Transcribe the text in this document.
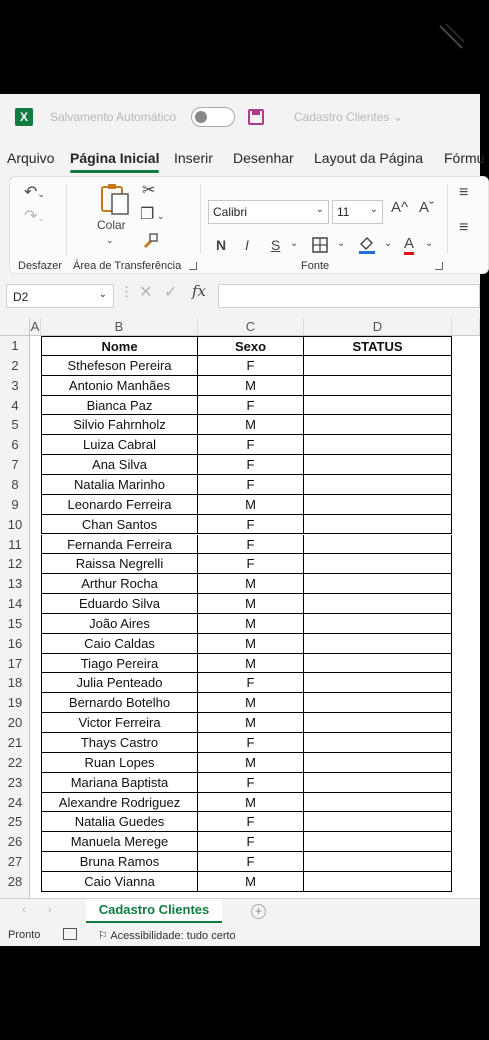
X	Salvamento Automático	Cadastro Clientes ⌄
Arquivo Página Inicial Inserir Desenhar Layout da Página Fórmu
↶⌄
↷⌄
Desfazer
Colar
⌄
✂
❐ ⌄
Área de Transferência
Calibri	⌄	11 ⌄ A^ Aˇ
N I S ⌄	⌄	⌄ A ⌄
Fonte
≡
≡
D2	⌄ ⋮ ✕ ✓ fx
A	B	C	D
1	Nome	Sexo	STATUS
2	Sthefeson Pereira	F
3	Antonio Manhães	M
4	Bianca Paz	F
5	Silvio Fahrnholz	M
6	Luiza Cabral	F
7	Ana Silva	F
8	Natalia Marinho	F
9	Leonardo Ferreira	M
10	Chan Santos	F
11	Fernanda Ferreira	F
12	Raissa Negrelli	F
13	Arthur Rocha	M
14	Eduardo Silva	M
15	João Aires	M
16	Caio Caldas	M
17	Tiago Pereira	M
18	Julia Penteado	F
19	Bernardo Botelho	M
20	Victor Ferreira	M
21	Thays Castro	F
22	Ruan Lopes	M
23	Mariana Baptista	F
24	Alexandre Rodriguez	M
25	Natalia Guedes	F
26	Manuela Merege	F
27	Bruna Ramos	F
28	Caio Vianna	M
‹ ›	Cadastro Clientes	+
Pronto	⚐ Acessibilidade: tudo certo
